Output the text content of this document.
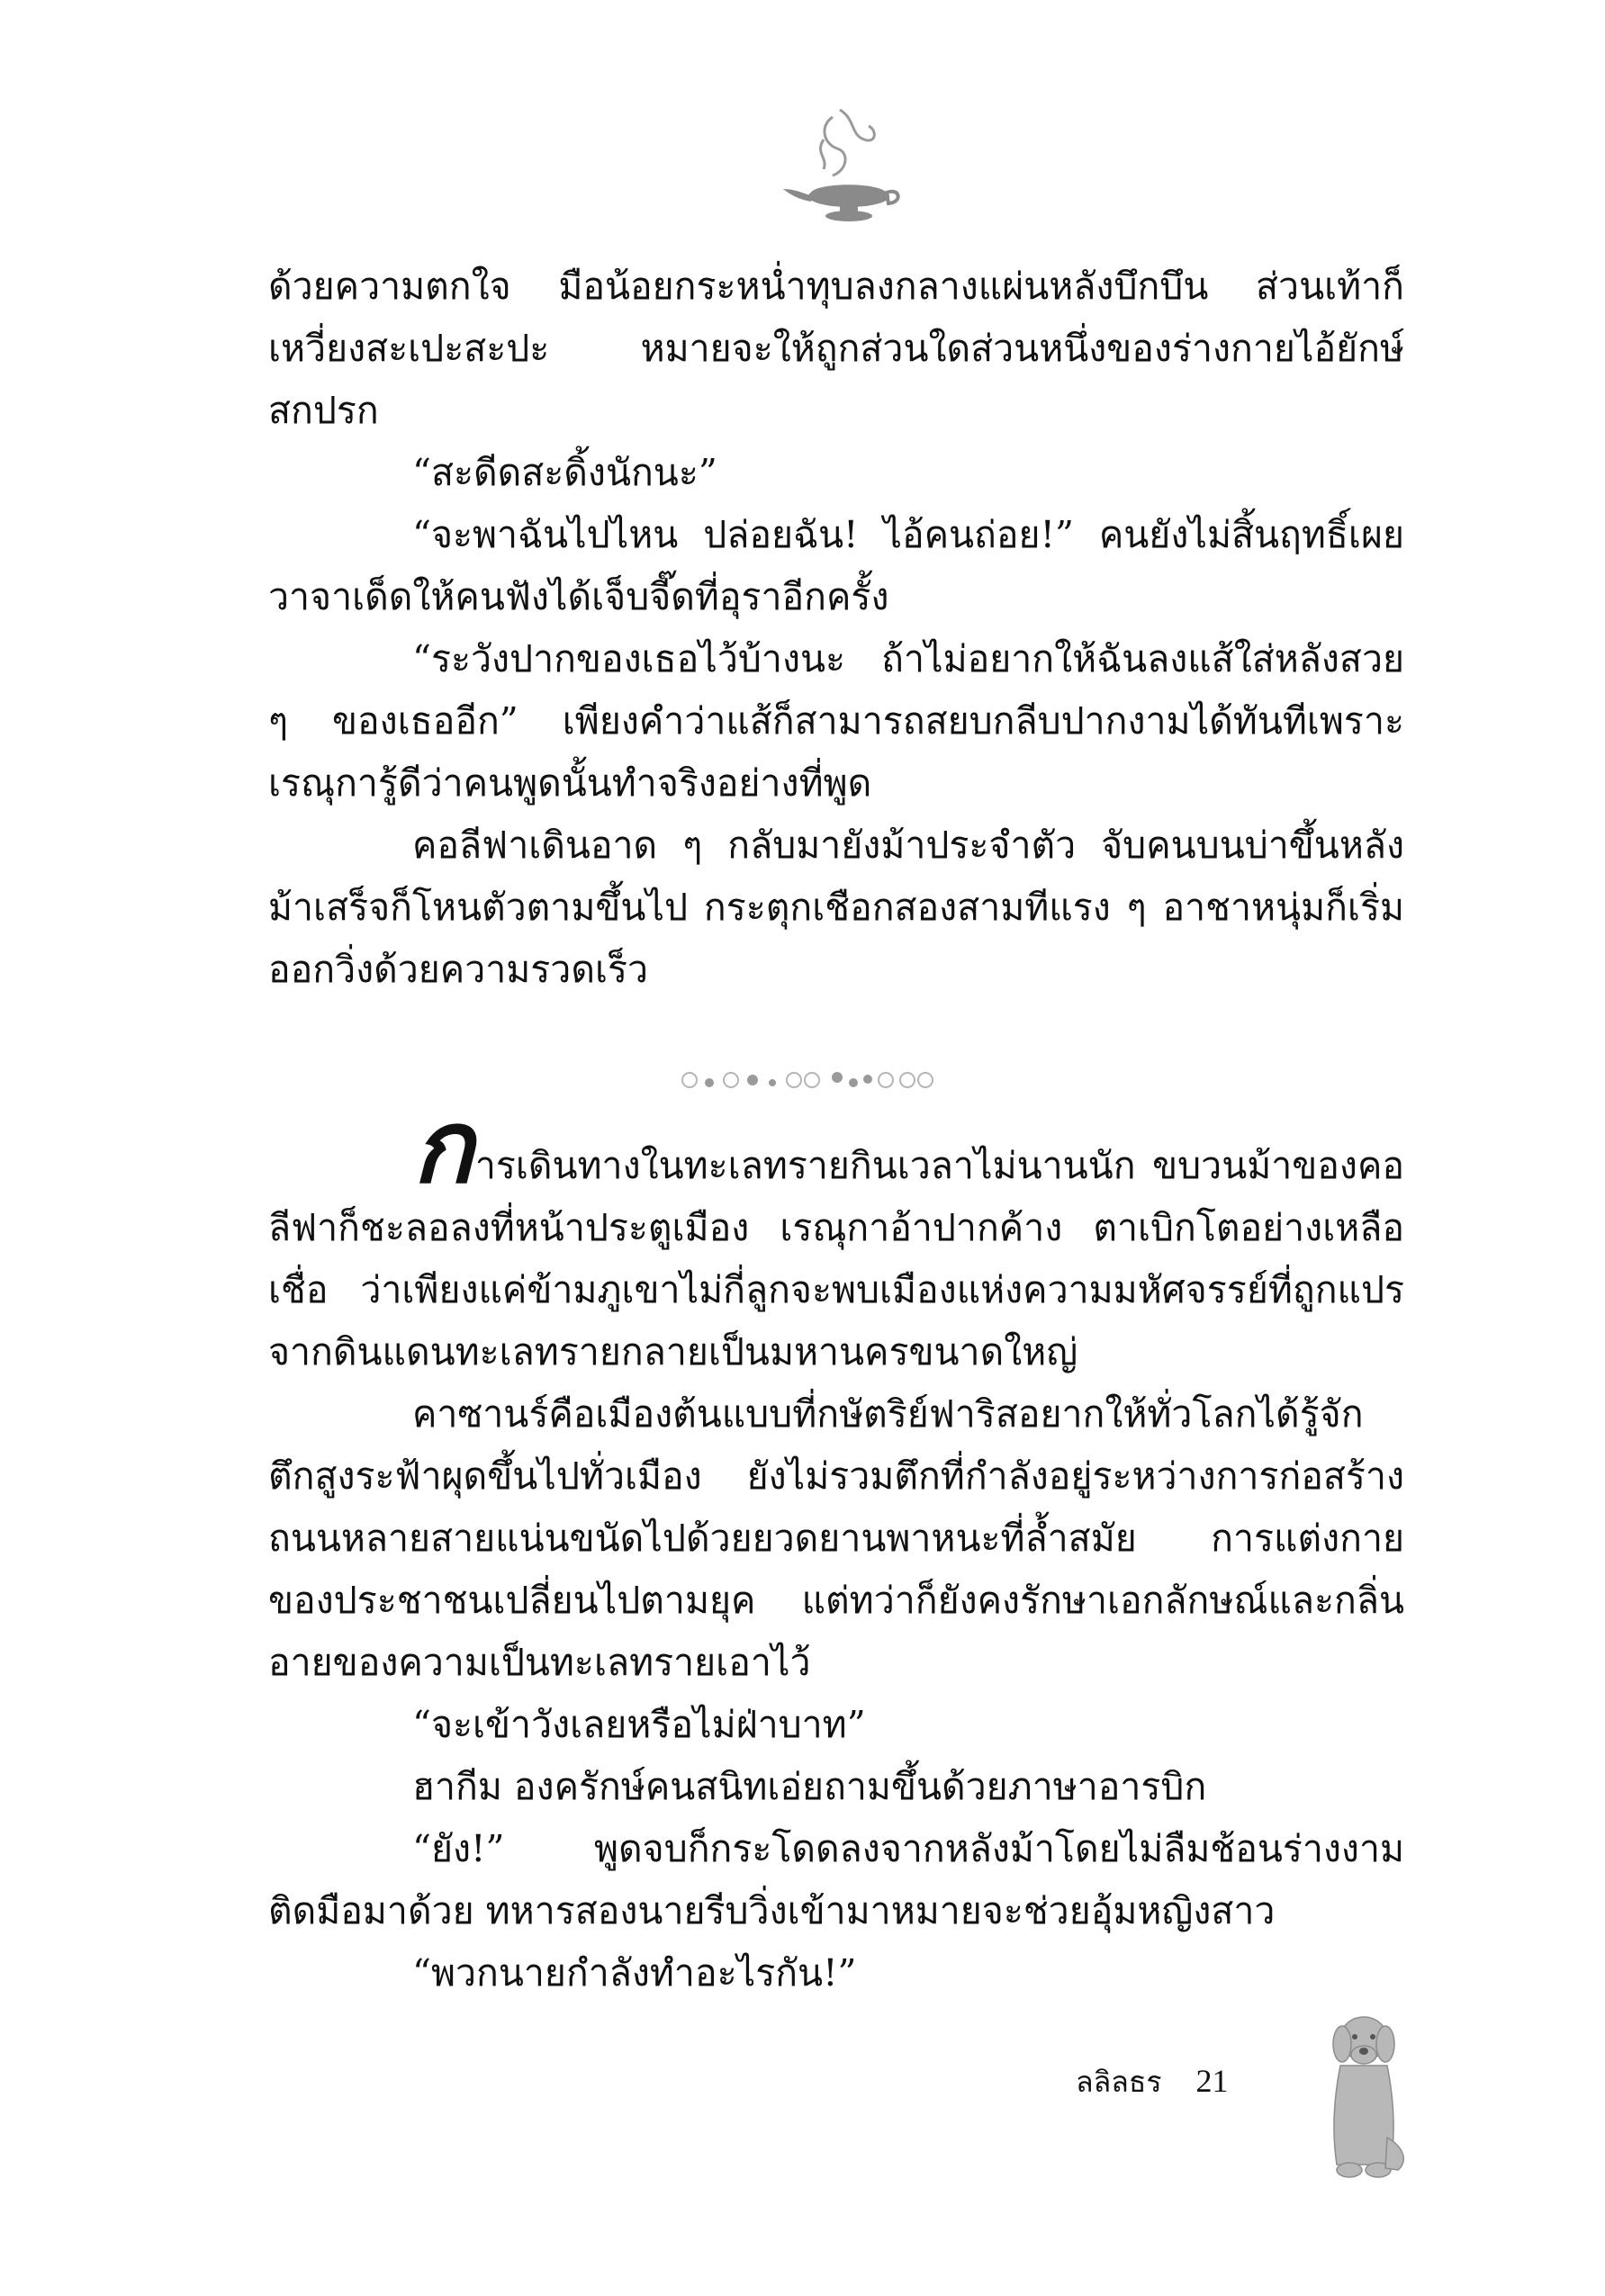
ด้วยความตกใจ มือน้อยกระหน่ำทุบลงกลางแผ่นหลังบึกบึน ส่วนเท้าก็เหวี่ยงสะเปะสะปะ หมายจะให้ถูกส่วนใดส่วนหนึ่งของร่างกายไอ้ยักษ์สกปรก

“สะดีดสะดิ้งนักนะ”

“จะพาฉันไปไหน ปล่อยฉัน! ไอ้คนถ่อย!” คนยังไม่สิ้นฤทธิ์เผยวาจาเด็ดให้คนฟังได้เจ็บจี๊ดที่อุราอีกครั้ง

“ระวังปากของเธอไว้บ้างนะ ถ้าไม่อยากให้ฉันลงแส้ใส่หลังสวย ๆ ของเธออีก” เพียงคำว่าแส้ก็สามารถสยบกลีบปากงามได้ทันทีเพราะเรณุการู้ดีว่าคนพูดนั้นทำจริงอย่างที่พูด

คอลีฟาเดินอาด ๆ กลับมายังม้าประจำตัว จับคนบนบ่าขึ้นหลังม้าเสร็จก็โหนตัวตามขึ้นไป กระตุกเชือกสองสามทีแรง ๆ อาชาหนุ่มก็เริ่มออกวิ่งด้วยความรวดเร็ว

การเดินทางในทะเลทรายกินเวลาไม่นานนัก ขบวนม้าของคอลีฟาก็ชะลอลงที่หน้าประตูเมือง เรณุกาอ้าปากค้าง ตาเบิกโตอย่างเหลือเชื่อ ว่าเพียงแค่ข้ามภูเขาไม่กี่ลูกจะพบเมืองแห่งความมหัศจรรย์ที่ถูกแปรจากดินแดนทะเลทรายกลายเป็นมหานครขนาดใหญ่

คาซานร์คือเมืองต้นแบบที่กษัตริย์ฟาริสอยากให้ทั่วโลกได้รู้จัก ตึกสูงระฟ้าผุดขึ้นไปทั่วเมือง ยังไม่รวมตึกที่กำลังอยู่ระหว่างการก่อสร้าง ถนนหลายสายแน่นขนัดไปด้วยยวดยานพาหนะที่ล้ำสมัย การแต่งกายของประชาชนเปลี่ยนไปตามยุค แต่ทว่าก็ยังคงรักษาเอกลักษณ์และกลิ่นอายของความเป็นทะเลทรายเอาไว้

“จะเข้าวังเลยหรือไม่ฝ่าบาท”

ฮากีม องครักษ์คนสนิทเอ่ยถามขึ้นด้วยภาษาอารบิก

“ยัง!” พูดจบก็กระโดดลงจากหลังม้าโดยไม่ลืมช้อนร่างงามติดมือมาด้วย ทหารสองนายรีบวิ่งเข้ามาหมายจะช่วยอุ้มหญิงสาว

“พวกนายกำลังทำอะไรกัน!”

ลลิลธร 21
